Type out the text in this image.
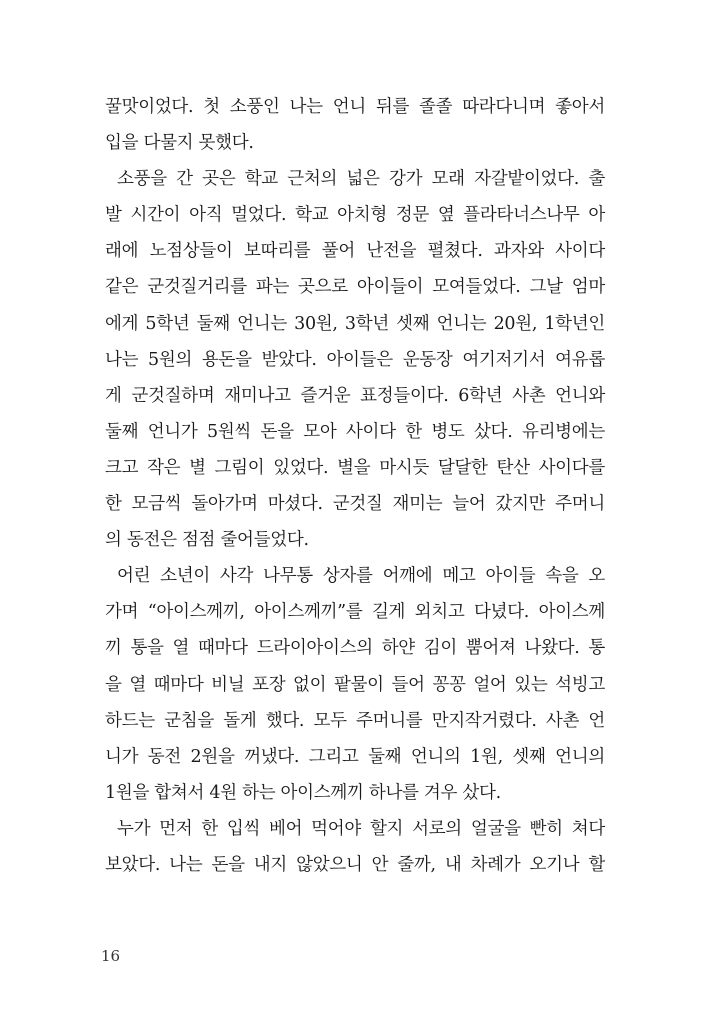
꿀맛이었다. 첫 소풍인 나는 언니 뒤를 졸졸 따라다니며 좋아서
입을 다물지 못했다.
소풍을 간 곳은 학교 근처의 넓은 강가 모래 자갈밭이었다. 출
발 시간이 아직 멀었다. 학교 아치형 정문 옆 플라타너스나무 아
래에 노점상들이 보따리를 풀어 난전을 펼쳤다. 과자와 사이다
같은 군것질거리를 파는 곳으로 아이들이 모여들었다. 그날 엄마
에게 5학년 둘째 언니는 30원, 3학년 셋째 언니는 20원, 1학년인
나는 5원의 용돈을 받았다. 아이들은 운동장 여기저기서 여유롭
게 군것질하며 재미나고 즐거운 표정들이다. 6학년 사촌 언니와
둘째 언니가 5원씩 돈을 모아 사이다 한 병도 샀다. 유리병에는
크고 작은 별 그림이 있었다. 별을 마시듯 달달한 탄산 사이다를
한 모금씩 돌아가며 마셨다. 군것질 재미는 늘어 갔지만 주머니
의 동전은 점점 줄어들었다.
어린 소년이 사각 나무통 상자를 어깨에 메고 아이들 속을 오
가며 “아이스께끼, 아이스께끼”를 길게 외치고 다녔다. 아이스께
끼 통을 열 때마다 드라이아이스의 하얀 김이 뿜어져 나왔다. 통
을 열 때마다 비닐 포장 없이 팥물이 들어 꽁꽁 얼어 있는 석빙고
하드는 군침을 돌게 했다. 모두 주머니를 만지작거렸다. 사촌 언
니가 동전 2원을 꺼냈다. 그리고 둘째 언니의 1원, 셋째 언니의
1원을 합쳐서 4원 하는 아이스께끼 하나를 겨우 샀다.
누가 먼저 한 입씩 베어 먹어야 할지 서로의 얼굴을 빤히 쳐다
보았다. 나는 돈을 내지 않았으니 안 줄까, 내 차례가 오기나 할
16
